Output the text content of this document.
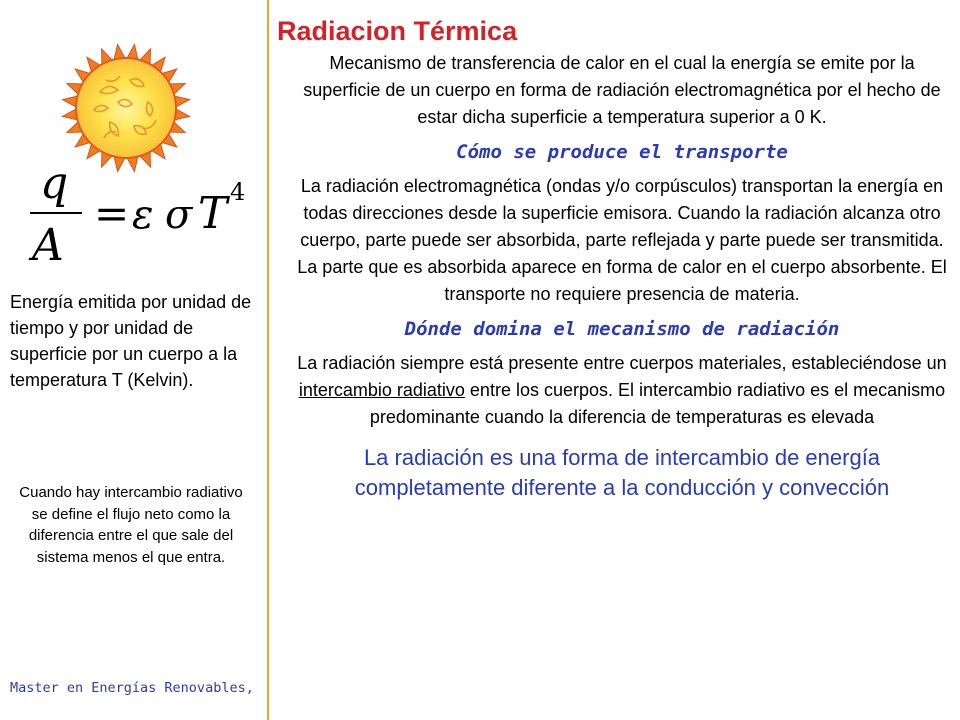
q
A
= ε σ T 4
Energía emitida por unidad de tiempo y por unidad de superficie por un cuerpo a la temperatura T (Kelvin).
Cuando hay intercambio radiativo se define el flujo neto como la diferencia entre el que sale del sistema menos el que entra.
Master en Energías Renovables,
Radiacion Térmica

Mecanismo de transferencia de calor en el cual la energía se emite por la superficie de un cuerpo en forma de radiación electromagnética por el hecho de estar dicha superficie a temperatura superior a 0 K.

Cómo se produce el transporte

La radiación electromagnética (ondas y/o corpúsculos) transportan la energía en todas direcciones desde la superficie emisora. Cuando la radiación alcanza otro cuerpo, parte puede ser absorbida, parte reflejada y parte puede ser transmitida. La parte que es absorbida aparece en forma de calor en el cuerpo absorbente. El transporte no requiere presencia de materia.

Dónde domina el mecanismo de radiación

La radiación siempre está presente entre cuerpos materiales, estableciéndose un intercambio radiativo entre los cuerpos. El intercambio radiativo es el mecanismo predominante cuando la diferencia de temperaturas es elevada

La radiación es una forma de intercambio de energía completamente diferente a la conducción y convección
